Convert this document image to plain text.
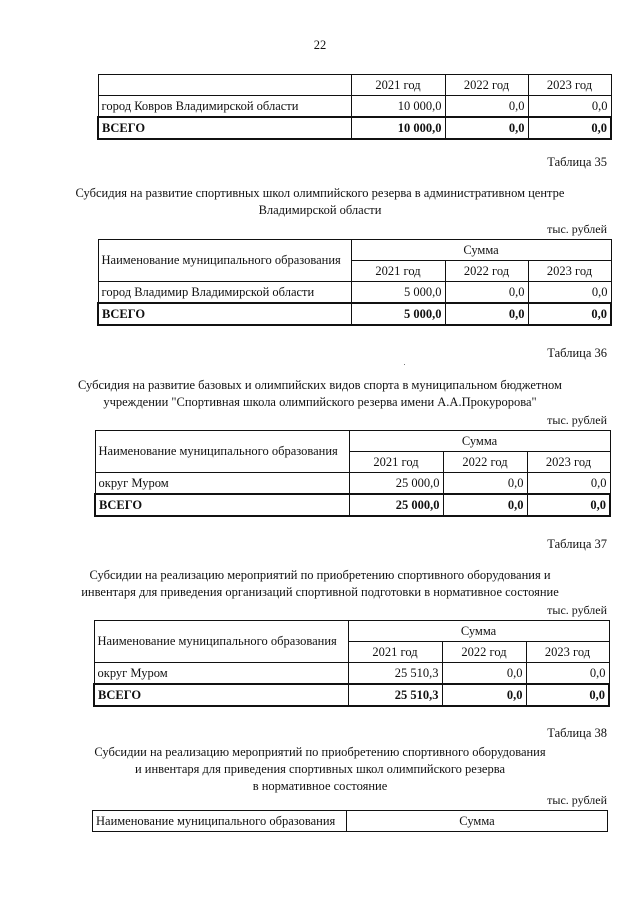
22
	2021 год	2022 год	2023 год
город Ковров Владимирской области	10 000,0	0,0	0,0
ВСЕГО	10 000,0	0,0	0,0
Таблица 35
Субсидия на развитие спортивных школ олимпийского резерва в административном центре
Владимирской области
тыс. рублей
Наименование муниципального образования	Сумма		
	2021 год	2022 год	2023 год
город Владимир Владимирской области	5 000,0	0,0	0,0
ВСЕГО	5 000,0	0,0	0,0
Таблица 36
Субсидия на развитие базовых и олимпийских видов спорта в муниципальном бюджетном
учреждении "Спортивная школа олимпийского резерва имени А.А.Прокуророва"
тыс. рублей
Наименование муниципального образования	Сумма		
	2021 год	2022 год	2023 год
округ Муром	25 000,0	0,0	0,0
ВСЕГО	25 000,0	0,0	0,0
Таблица 37
Субсидии на реализацию мероприятий по приобретению спортивного оборудования и
инвентаря для приведения организаций спортивной подготовки в нормативное состояние
тыс. рублей
Наименование муниципального образования	Сумма		
	2021 год	2022 год	2023 год
округ Муром	25 510,3	0,0	0,0
ВСЕГО	25 510,3	0,0	0,0
Таблица 38
Субсидии на реализацию мероприятий по приобретению спортивного оборудования
и инвентаря для приведения спортивных школ олимпийского резерва
в нормативное состояние
тыс. рублей
Наименование муниципального образования	Сумма
